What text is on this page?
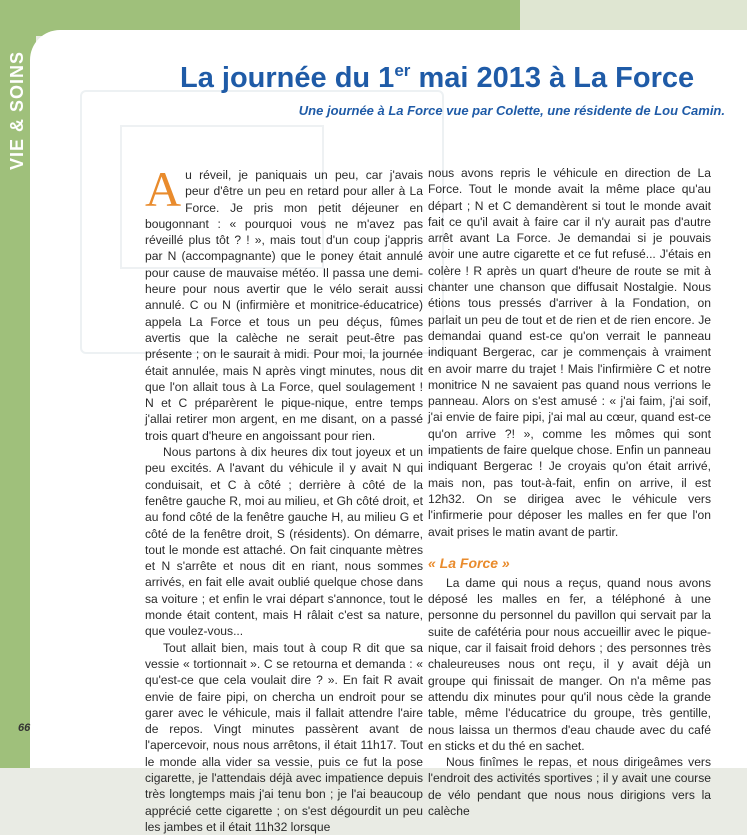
VIE & SOINS	La journée du 1er mai 2013 à La Force

Une journée à La Force vue par Colette, une résidente de Lou Camin.

Au réveil, je paniquais un peu, car j'avais peur d'être un peu en retard pour aller à La Force. Je pris mon petit déjeuner en bougonnant : « pourquoi vous ne m'avez pas réveillé plus tôt ? ! », mais tout d'un coup j'appris par N (accompagnante) que le poney était annulé pour cause de mauvaise météo. Il passa une demi-heure pour nous avertir que le vélo serait aussi annulé. C ou N (infirmière et monitrice-éducatrice) appela La Force et tous un peu déçus, fûmes avertis que la calèche ne serait peut-être pas présente ; on le saurait à midi. Pour moi, la journée était annulée, mais N après vingt minutes, nous dit que l'on allait tous à La Force, quel soulagement ! N et C préparèrent le pique-nique, entre temps j'allai retirer mon argent, en me disant, on a passé trois quart d'heure en angoissant pour rien.

Nous partons à dix heures dix tout joyeux et un peu excités. A l'avant du véhicule il y avait N qui conduisait, et C à côté ; derrière à côté de la fenêtre gauche R, moi au milieu, et Gh côté droit, et au fond côté de la fenêtre gauche H, au milieu G et côté de la fenêtre droit, S (résidents). On démarre, tout le monde est attaché. On fait cinquante mètres et N s'arrête et nous dit en riant, nous sommes arrivés, en fait elle avait oublié quelque chose dans sa voiture ; et enfin le vrai départ s'annonce, tout le monde était content, mais H râlait c'est sa nature, que voulez-vous...

Tout allait bien, mais tout à coup R dit que sa vessie « tortionnait ». C se retourna et demanda : « qu'est-ce que cela voulait dire ? ». En fait R avait envie de faire pipi, on chercha un endroit pour se garer avec le véhicule, mais il fallait attendre l'aire de repos. Vingt minutes passèrent avant de l'apercevoir, nous nous arrêtons, il était 11h17. Tout le monde alla vider sa vessie, puis ce fut la pose cigarette, je l'attendais déjà avec impatience depuis très longtemps mais j'ai tenu bon ; je l'ai beaucoup apprécié cette cigarette ; on s'est dégourdit un peu les jambes et il était 11h32 lorsque

nous avons repris le véhicule en direction de La Force. Tout le monde avait la même place qu'au départ ; N et C demandèrent si tout le monde avait fait ce qu'il avait à faire car il n'y aurait pas d'autre arrêt avant La Force. Je demandai si je pouvais avoir une autre cigarette et ce fut refusé... J'étais en colère ! R après un quart d'heure de route se mit à chanter une chanson que diffusait Nostalgie. Nous étions tous pressés d'arriver à la Fondation, on parlait un peu de tout et de rien et de rien encore. Je demandai quand est-ce qu'on verrait le panneau indiquant Bergerac, car je commençais à vraiment en avoir marre du trajet ! Mais l'infirmière C et notre monitrice N ne savaient pas quand nous verrions le panneau. Alors on s'est amusé : « j'ai faim, j'ai soif, j'ai envie de faire pipi, j'ai mal au cœur, quand est-ce qu'on arrive ?! », comme les mômes qui sont impatients de faire quelque chose. Enfin un panneau indiquant Bergerac ! Je croyais qu'on était arrivé, mais non, pas tout-à-fait, enfin on arrive, il est 12h32. On se dirigea avec le véhicule vers l'infirmerie pour déposer les malles en fer que l'on avait prises le matin avant de partir.

« La Force »

La dame qui nous a reçus, quand nous avons déposé les malles en fer, a téléphoné à une personne du personnel du pavillon qui servait par la suite de cafétéria pour nous accueillir avec le pique-nique, car il faisait froid dehors ; des personnes très chaleureuses nous ont reçu, il y avait déjà un groupe qui finissait de manger. On n'a même pas attendu dix minutes pour qu'il nous cède la grande table, même l'éducatrice du groupe, très gentille, nous laissa un thermos d'eau chaude avec du café en sticks et du thé en sachet.

Nous finîmes le repas, et nous dirigeâmes vers l'endroit des activités sportives ; il y avait une course de vélo pendant que nous nous dirigions vers la calèche

66
